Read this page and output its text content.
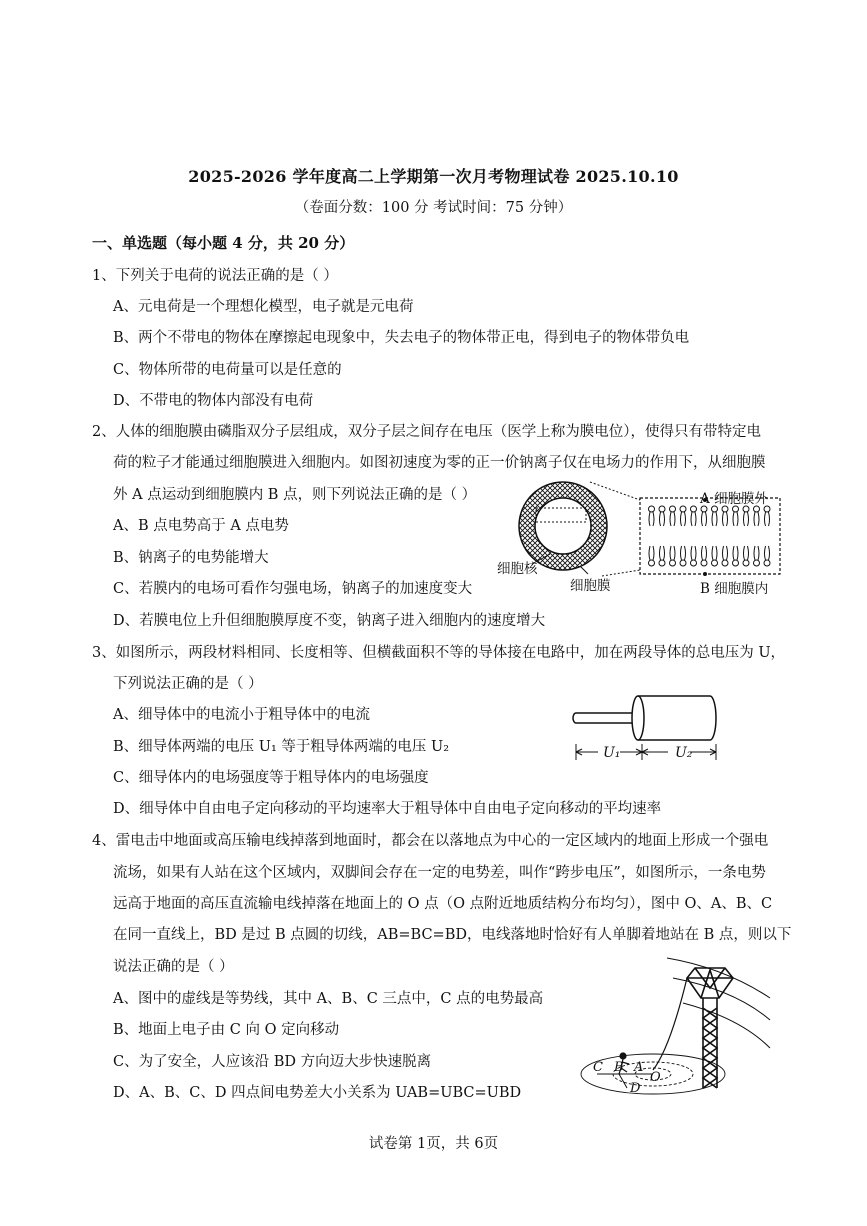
2025-2026 学年度高二上学期第一次月考物理试卷 2025.10.10
（卷面分数：100 分 考试时间：75 分钟）
一、单选题（每小题 4 分，共 20 分）
1、下列关于电荷的说法正确的是（ ）
A、元电荷是一个理想化模型，电子就是元电荷
B、两个不带电的物体在摩擦起电现象中，失去电子的物体带正电，得到电子的物体带负电
C、物体所带的电荷量可以是任意的
D、不带电的物体内部没有电荷
2、人体的细胞膜由磷脂双分子层组成，双分子层之间存在电压（医学上称为膜电位），使得只有带特定电
荷的粒子才能通过细胞膜进入细胞内。如图初速度为零的正一价钠离子仅在电场力的作用下，从细胞膜
外 A 点运动到细胞膜内 B 点，则下列说法正确的是（ ）
A、B 点电势高于 A 点电势
B、钠离子的电势能增大
C、若膜内的电场可看作匀强电场，钠离子的加速度变大
D、若膜电位上升但细胞膜厚度不变，钠离子进入细胞内的速度增大
A 细胞膜外
B 细胞膜内
细胞核
细胞膜
3、如图所示，两段材料相同、长度相等、但横截面积不等的导体接在电路中，加在两段导体的总电压为 U，
下列说法正确的是（ ）
A、细导体中的电流小于粗导体中的电流
B、细导体两端的电压 U₁ 等于粗导体两端的电压 U₂
C、细导体内的电场强度等于粗导体内的电场强度
D、细导体中自由电子定向移动的平均速率大于粗导体中自由电子定向移动的平均速率
U₁	U₂
4、雷电击中地面或高压输电线掉落到地面时，都会在以落地点为中心的一定区域内的地面上形成一个强电
流场，如果有人站在这个区域内，双脚间会存在一定的电势差，叫作“跨步电压”，如图所示，一条电势
远高于地面的高压直流输电线掉落在地面上的 O 点（O 点附近地质结构分布均匀），图中 O、A、B、C
在同一直线上，BD 是过 B 点圆的切线，AB=BC=BD，电线落地时恰好有人单脚着地站在 B 点，则以下
说法正确的是（ ）
A、图中的虚线是等势线，其中 A、B、C 三点中，C 点的电势最高
B、地面上电子由 C 向 O 定向移动
C、为了安全，人应该沿 BD 方向迈大步快速脱离
D、A、B、C、D 四点间电势差大小关系为 UAB=UBC=UBD
C B A
O
D
试卷第 1页，共 6页
